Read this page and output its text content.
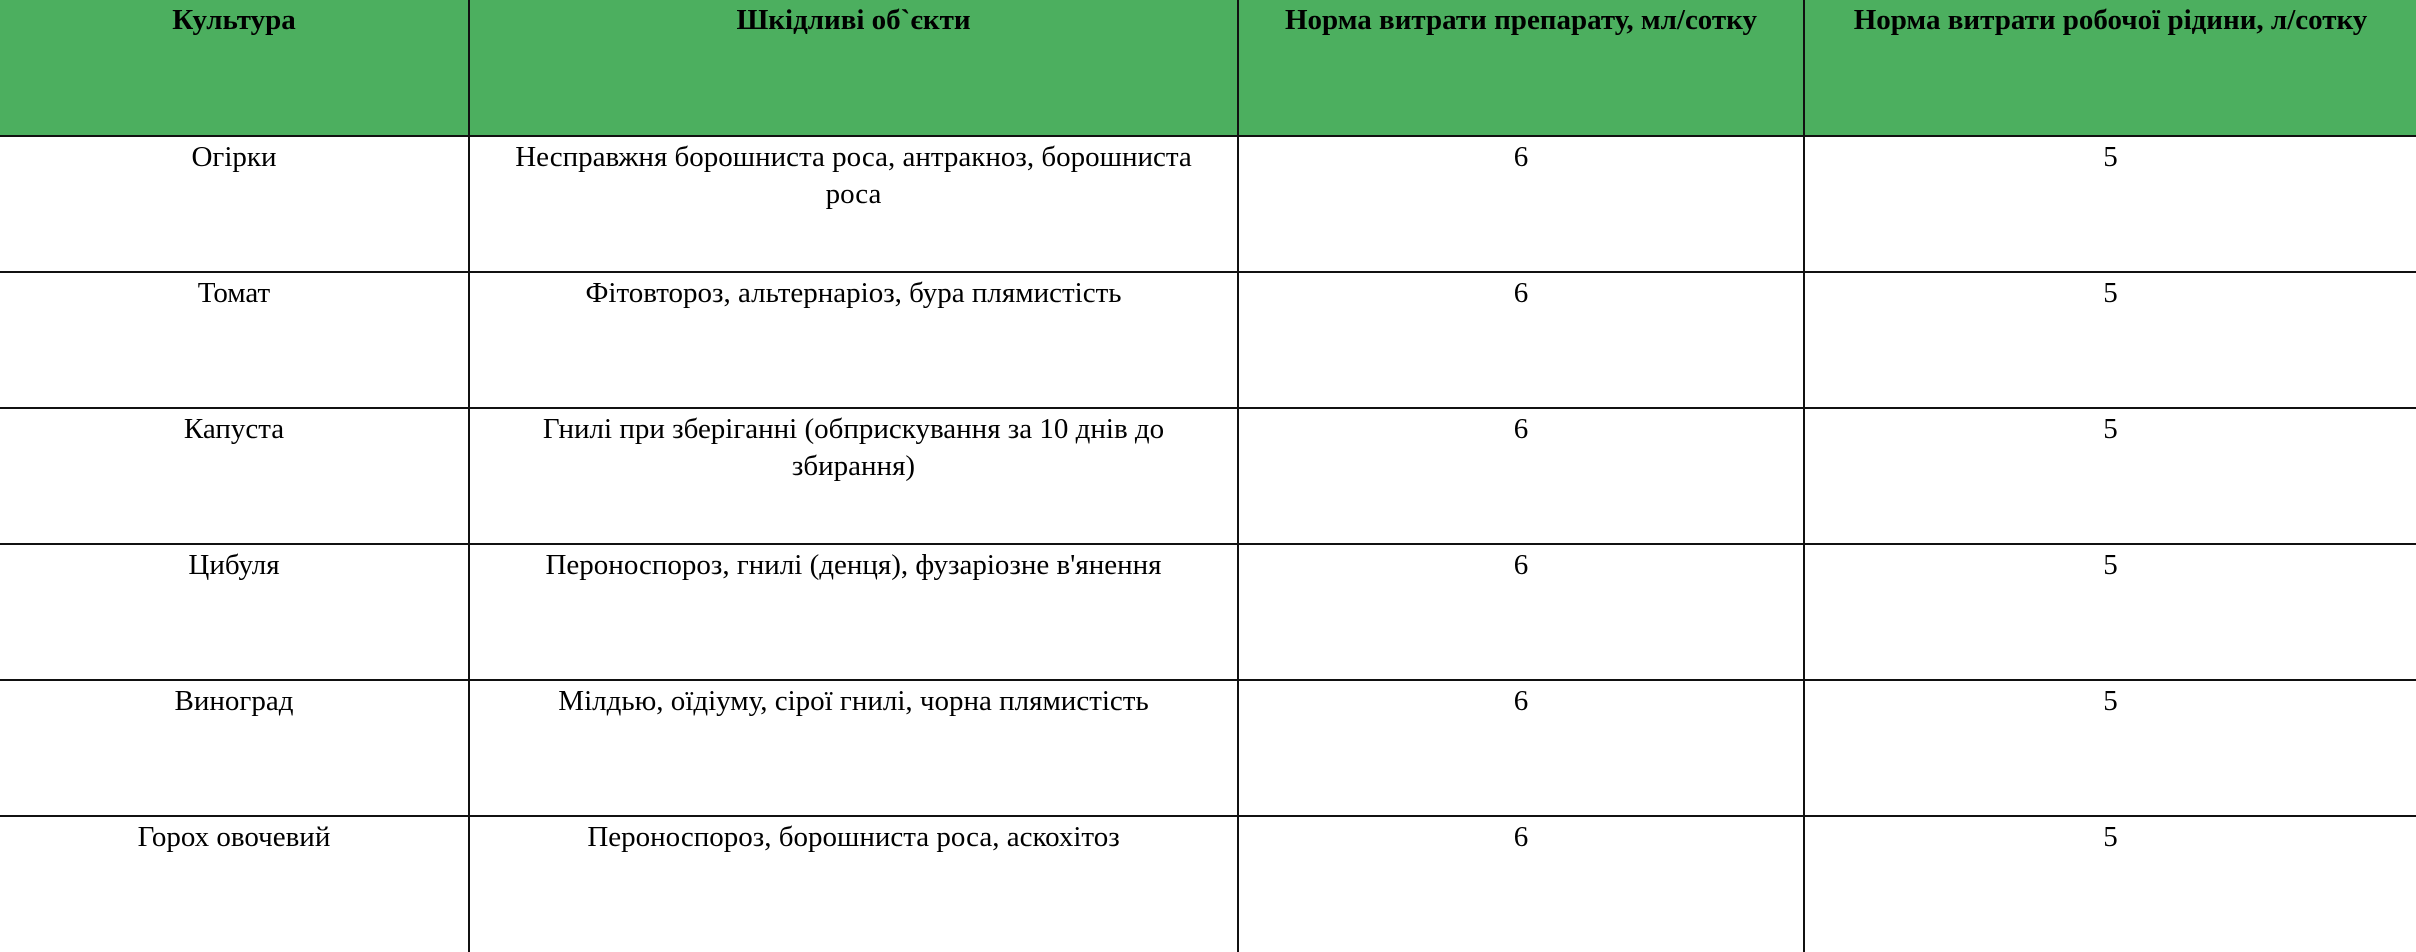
Культура	Шкідливі об`єкти	Норма витрати препарату, мл/сотку	Норма витрати робочої рідини, л/сотку
Огірки	Несправжня борошниста роса, антракноз, борошниста роса	6	5
Томат	Фітовтороз, альтернаріоз, бура плямистість	6	5
Капуста	Гнилі при зберіганні (обприскування за 10 днів до збирання)	6	5
Цибуля	Пероноспороз, гнилі (денця), фузаріозне в'янення	6	5
Виноград	Мілдью, оїдіуму, сірої гнилі, чорна плямистість	6	5
Горох овочевий	Пероноспороз, борошниста роса, аскохітоз	6	5
